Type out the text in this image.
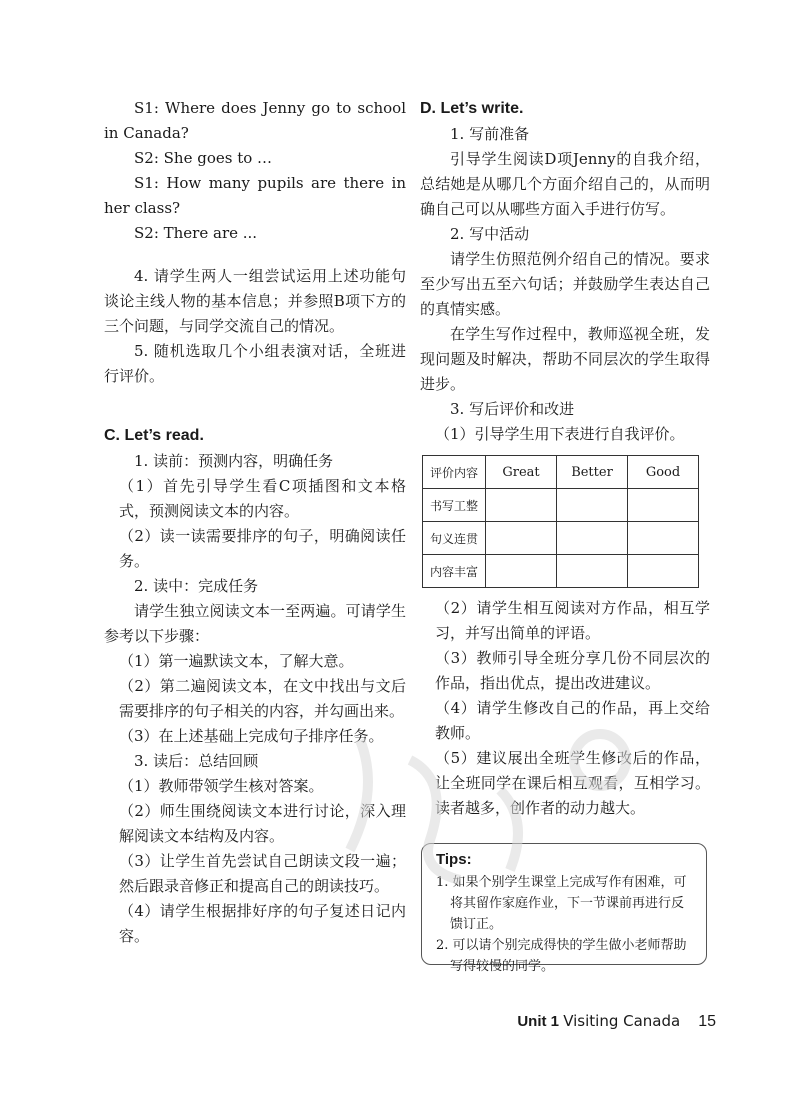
S1: Where does Jenny go to school in Canada?

S2: She goes to …

S1: How many pupils are there in her class?

S2: There are ...

4. 请学生两人一组尝试运用上述功能句谈论主线人物的基本信息；并参照B项下方的三个问题，与同学交流自己的情况。

5. 随机选取几个小组表演对话，全班进行评价。

C. Let’s read.

1. 读前：预测内容，明确任务

（1）首先引导学生看C项插图和文本格式，预测阅读文本的内容。

（2）读一读需要排序的句子，明确阅读任务。

2. 读中：完成任务

请学生独立阅读文本一至两遍。可请学生参考以下步骤：

（1）第一遍默读文本，了解大意。

（2）第二遍阅读文本，在文中找出与文后需要排序的句子相关的内容，并勾画出来。

（3）在上述基础上完成句子排序任务。

3. 读后：总结回顾

（1）教师带领学生核对答案。

（2）师生围绕阅读文本进行讨论，深入理解阅读文本结构及内容。

（3）让学生首先尝试自己朗读文段一遍；然后跟录音修正和提高自己的朗读技巧。

（4）请学生根据排好序的句子复述日记内容。

D. Let’s write.

1. 写前准备

引导学生阅读D项Jenny的自我介绍，总结她是从哪几个方面介绍自己的，从而明确自己可以从哪些方面入手进行仿写。

2. 写中活动

请学生仿照范例介绍自己的情况。要求至少写出五至六句话；并鼓励学生表达自己的真情实感。

在学生写作过程中，教师巡视全班，发现问题及时解决，帮助不同层次的学生取得进步。

3. 写后评价和改进

（1）引导学生用下表进行自我评价。

评价内容	Great	Better	Good
书写工整			
句义连贯			
内容丰富			

（2）请学生相互阅读对方作品，相互学习，并写出简单的评语。

（3）教师引导全班分享几份不同层次的作品，指出优点，提出改进建议。

（4）请学生修改自己的作品，再上交给教师。

（5）建议展出全班学生修改后的作品，让全班同学在课后相互观看，互相学习。读者越多，创作者的动力越大。

Tips:
1. 如果个别学生课堂上完成写作有困难，可将其留作家庭作业，下一节课前再进行反馈订正。
2. 可以请个别完成得快的学生做小老师帮助写得较慢的同学。
Unit 1 Visiting Canada 15
